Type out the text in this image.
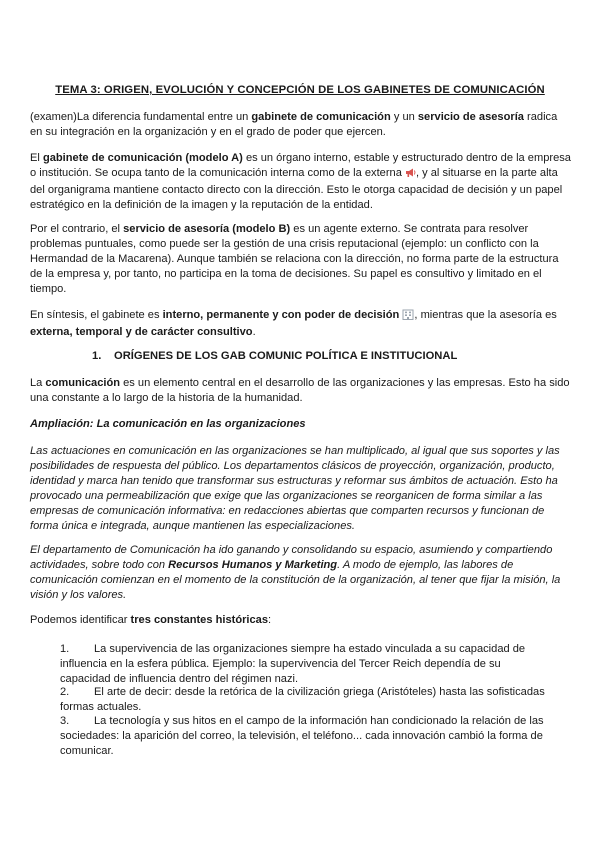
TEMA 3: ORIGEN, EVOLUCIÓN Y CONCEPCIÓN DE LOS GABINETES DE COMUNICACIÓN

(examen)La diferencia fundamental entre un gabinete de comunicación y un servicio de asesoría radica en su integración en la organización y en el grado de poder que ejercen.

El gabinete de comunicación (modelo A) es un órgano interno, estable y estructurado dentro de la empresa o institución. Se ocupa tanto de la comunicación interna como de la externa , y al situarse en la parte alta del organigrama mantiene contacto directo con la dirección. Esto le otorga capacidad de decisión y un papel estratégico en la definición de la imagen y la reputación de la entidad.

Por el contrario, el servicio de asesoría (modelo B) es un agente externo. Se contrata para resolver problemas puntuales, como puede ser la gestión de una crisis reputacional (ejemplo: un conflicto con la Hermandad de la Macarena). Aunque también se relaciona con la dirección, no forma parte de la estructura de la empresa y, por tanto, no participa en la toma de decisiones. Su papel es consultivo y limitado en el tiempo.

En síntesis, el gabinete es interno, permanente y con poder de decisión , mientras que la asesoría es externa, temporal y de carácter consultivo.

1. ORÍGENES DE LOS GAB COMUNIC POLÍTICA E INSTITUCIONAL

La comunicación es un elemento central en el desarrollo de las organizaciones y las empresas. Esto ha sido una constante a lo largo de la historia de la humanidad.

Ampliación: La comunicación en las organizaciones

Las actuaciones en comunicación en las organizaciones se han multiplicado, al igual que sus soportes y las posibilidades de respuesta del público. Los departamentos clásicos de proyección, organización, producto, identidad y marca han tenido que transformar sus estructuras y reformar sus ámbitos de actuación. Esto ha provocado una permeabilización que exige que las organizaciones se reorganicen de forma similar a las empresas de comunicación informativa: en redacciones abiertas que comparten recursos y funcionan de forma única e integrada, aunque mantienen las especializaciones.

El departamento de Comunicación ha ido ganando y consolidando su espacio, asumiendo y compartiendo actividades, sobre todo con Recursos Humanos y Marketing. A modo de ejemplo, las labores de comunicación comienzan en el momento de la constitución de la organización, al tener que fijar la misión, la visión y los valores.

Podemos identificar tres constantes históricas:

1. La supervivencia de las organizaciones siempre ha estado vinculada a su capacidad de influencia en la esfera pública. Ejemplo: la supervivencia del Tercer Reich dependía de su capacidad de influencia dentro del régimen nazi.

2. El arte de decir: desde la retórica de la civilización griega (Aristóteles) hasta las sofisticadas formas actuales.

3. La tecnología y sus hitos en el campo de la información han condicionado la relación de las sociedades: la aparición del correo, la televisión, el teléfono... cada innovación cambió la forma de comunicar.
